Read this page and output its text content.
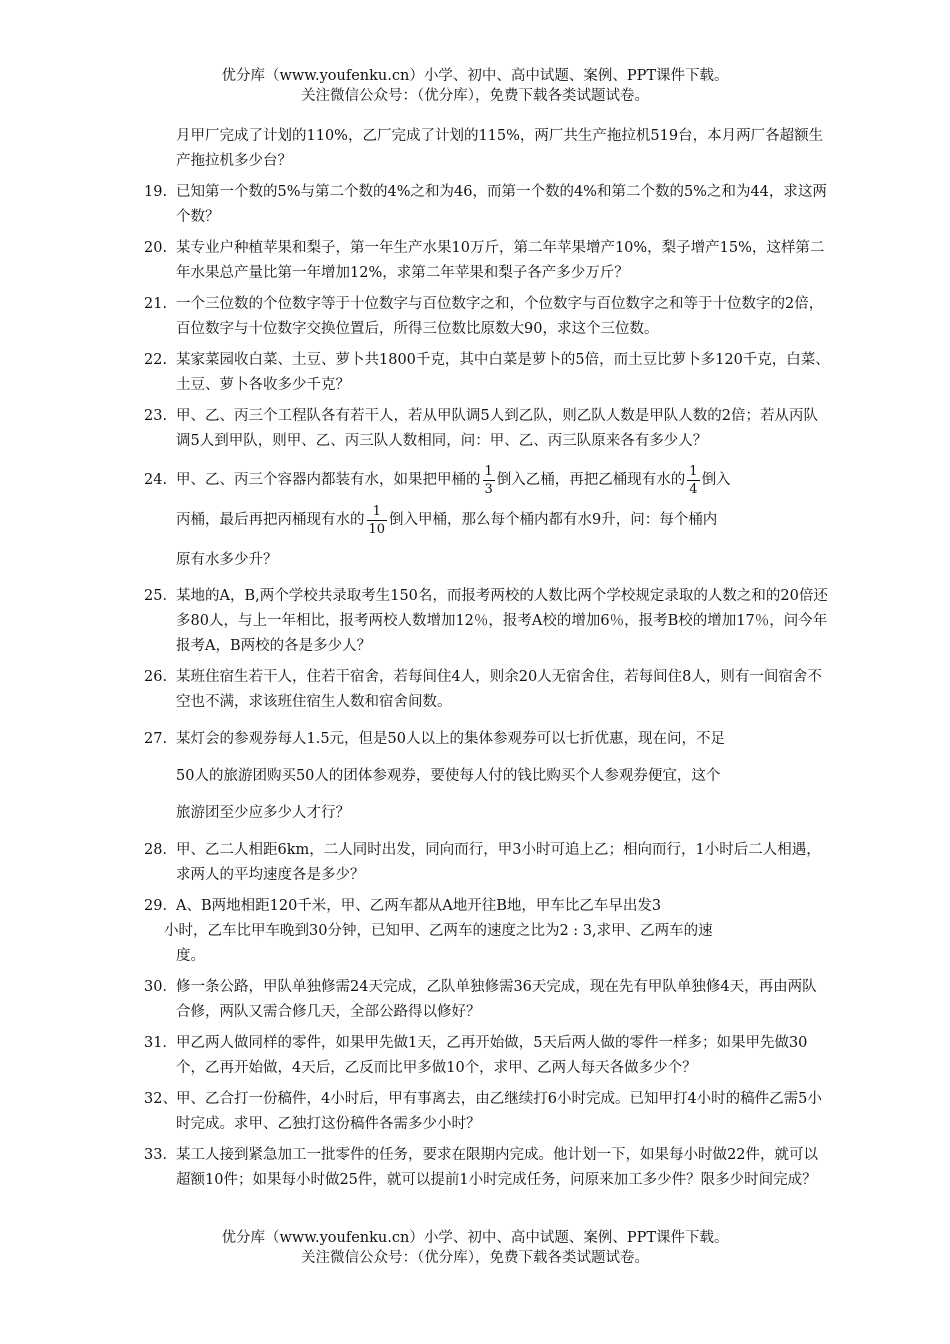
优分库（www.youfenku.cn）小学、初中、高中试题、案例、PPT课件下载。
关注微信公众号：（优分库），免费下载各类试题试卷。
月甲厂完成了计划的110%，乙厂完成了计划的115%，两厂共生产拖拉机519台，本月两厂各超额生产拖拉机多少台？
19. 已知第一个数的5%与第二个数的4%之和为46，而第一个数的4%和第二个数的5%之和为44，求这两个数？
20. 某专业户种植苹果和梨子，第一年生产水果10万斤，第二年苹果增产10%，梨子增产15%，这样第二年水果总产量比第一年增加12%，求第二年苹果和梨子各产多少万斤？
21. 一个三位数的个位数字等于十位数字与百位数字之和，个位数字与百位数字之和等于十位数字的2倍，百位数字与十位数字交换位置后，所得三位数比原数大90，求这个三位数。
22. 某家菜园收白菜、土豆、萝卜共1800千克，其中白菜是萝卜的5倍，而土豆比萝卜多120千克，白菜、土豆、萝卜各收多少千克？
23. 甲、乙、丙三个工程队各有若干人，若从甲队调5人到乙队，则乙队人数是甲队人数的2倍；若从丙队调5人到甲队，则甲、乙、丙三队人数相同，问：甲、乙、丙三队原来各有多少人？
24. 甲、乙、丙三个容器内都装有水，如果把甲桶的 $\frac{1}{3}$ 倒入乙桶，再把乙桶现有水的 $\frac{1}{4}$ 倒入
丙桶，最后再把丙桶现有水的 $\frac{1}{10}$ 倒入甲桶，那么每个桶内都有水9升，问：每个桶内
原有水多少升？
25． 某地的A，B,两个学校共录取考生150名，而报考两校的人数比两个学校规定录取的人数之和的20倍还多80人，与上一年相比，报考两校人数增加12％，报考A校的增加6％，报考B校的增加17％，问今年报考A，B两校的各是多少人？
26. 某班住宿生若干人，住若干宿舍，若每间住4人，则余20人无宿舍住，若每间住8人，则有一间宿舍不空也不满，求该班住宿生人数和宿舍间数。
27. 某灯会的参观券每人1.5元，但是50人以上的集体参观券可以七折优惠，现在问，不足
50人的旅游团购买50人的团体参观券，要使每人付的钱比购买个人参观券便宜，这个
旅游团至少应多少人才行？
28． 甲、乙二人相距6km，二人同时出发，同向而行，甲3小时可追上乙；相向而行，1小时后二人相遇，求两人的平均速度各是多少？
29． A、B两地相距120千米，甲、乙两车都从A地开往B地，甲车比乙车早出发3
小时，乙车比甲车晚到30分钟，已知甲、乙两车的速度之比为2 : 3,求甲、乙两车的速
度。
30． 修一条公路，甲队单独修需24天完成，乙队单独修需36天完成，现在先有甲队单独修4天，再由两队合修，两队又需合修几天，全部公路得以修好？
31． 甲乙两人做同样的零件，如果甲先做1天，乙再开始做，5天后两人做的零件一样多；如果甲先做30个，乙再开始做，4天后，乙反而比甲多做10个，求甲、乙两人每天各做多少个？
32、 甲、乙合打一份稿件，4小时后，甲有事离去，由乙继续打6小时完成。已知甲打4小时的稿件乙需5小时完成。求甲、乙独打这份稿件各需多少小时？
33． 某工人接到紧急加工一批零件的任务，要求在限期内完成。他计划一下，如果每小时做22件，就可以超额10件；如果每小时做25件，就可以提前1小时完成任务，问原来加工多少件？限多少时间完成？
优分库（www.youfenku.cn）小学、初中、高中试题、案例、PPT课件下载。
关注微信公众号：（优分库），免费下载各类试题试卷。
